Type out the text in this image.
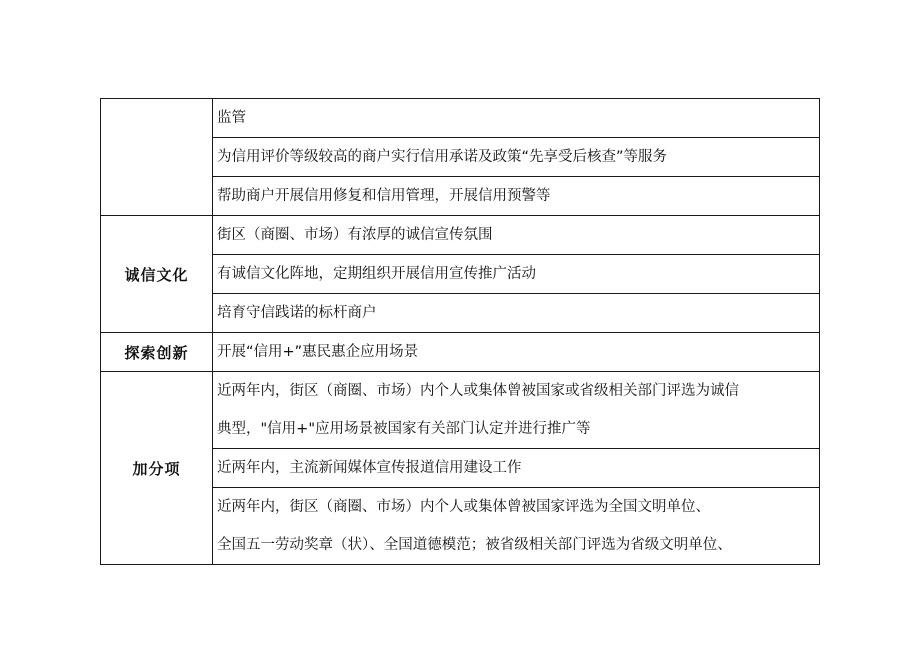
	监管

	为信用评价等级较高的商户实行信用承诺及政策“先享受后核查”等服务

	帮助商户开展信用修复和信用管理，开展信用预警等

诚信文化	街区（商圈、市场）有浓厚的诚信宣传氛围

	有诚信文化阵地，定期组织开展信用宣传推广活动

	培育守信践诺的标杆商户

探索创新	开展“信用+”惠民惠企应用场景

加分项	近两年内，街区（商圈、市场）内个人或集体曾被国家或省级相关部门评选为诚信
典型，"信用+"应用场景被国家有关部门认定并进行推广等

	近两年内，主流新闻媒体宣传报道信用建设工作

	近两年内，街区（商圈、市场）内个人或集体曾被国家评选为全国文明单位、
全国五一劳动奖章（状）、全国道德模范；被省级相关部门评选为省级文明单位、
